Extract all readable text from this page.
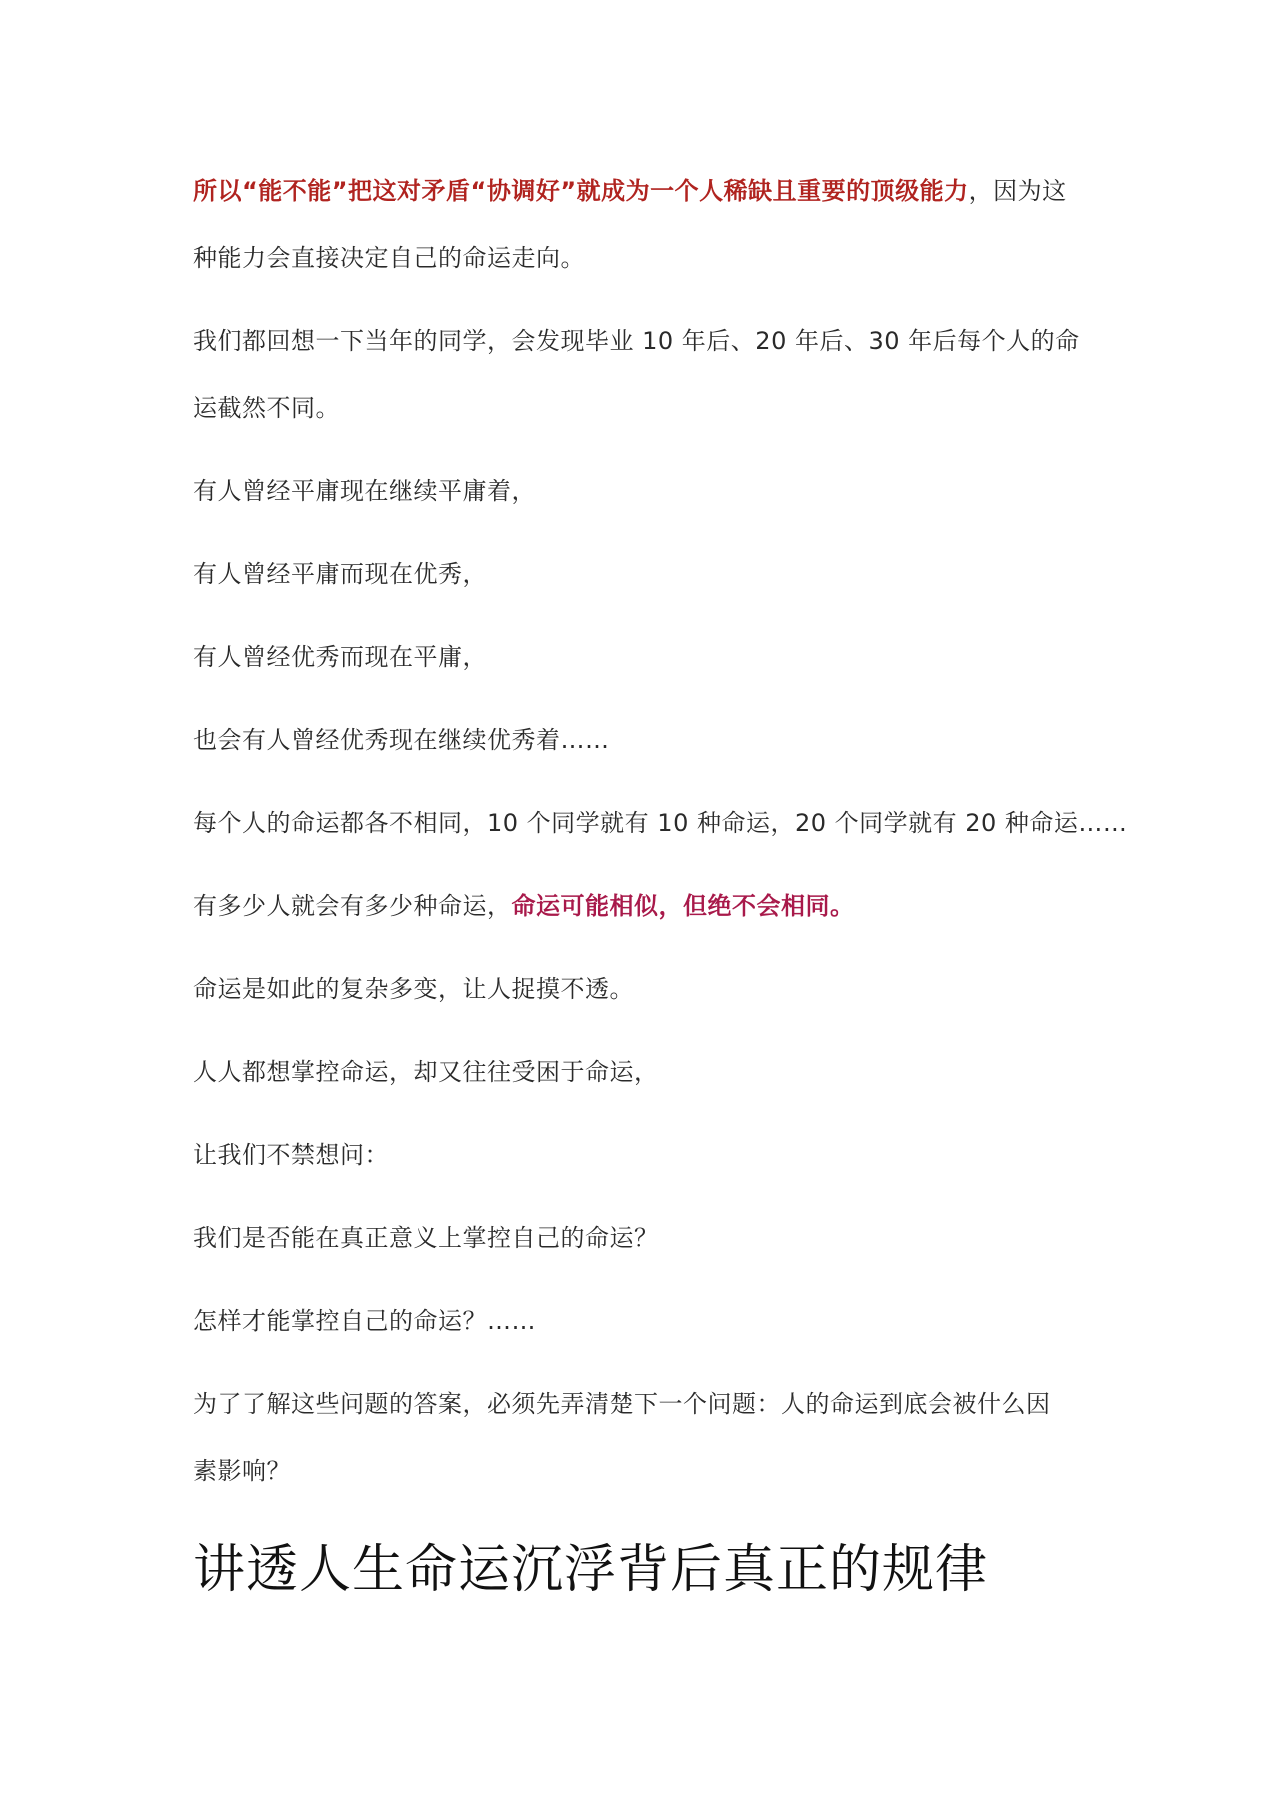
所以“能不能”把这对矛盾“协调好”就成为一个人稀缺且重要的顶级能力，因为这
种能力会直接决定自己的命运走向。
我们都回想一下当年的同学，会发现毕业 10 年后、20 年后、30 年后每个人的命
运截然不同。
有人曾经平庸现在继续平庸着，
有人曾经平庸而现在优秀，
有人曾经优秀而现在平庸，
也会有人曾经优秀现在继续优秀着……
每个人的命运都各不相同，10 个同学就有 10 种命运，20 个同学就有 20 种命运……
有多少人就会有多少种命运，命运可能相似，但绝不会相同。
命运是如此的复杂多变，让人捉摸不透。
人人都想掌控命运，却又往往受困于命运，
让我们不禁想问：
我们是否能在真正意义上掌控自己的命运？
怎样才能掌控自己的命运？……
为了了解这些问题的答案，必须先弄清楚下一个问题：人的命运到底会被什么因
素影响？
讲透人生命运沉浮背后真正的规律
